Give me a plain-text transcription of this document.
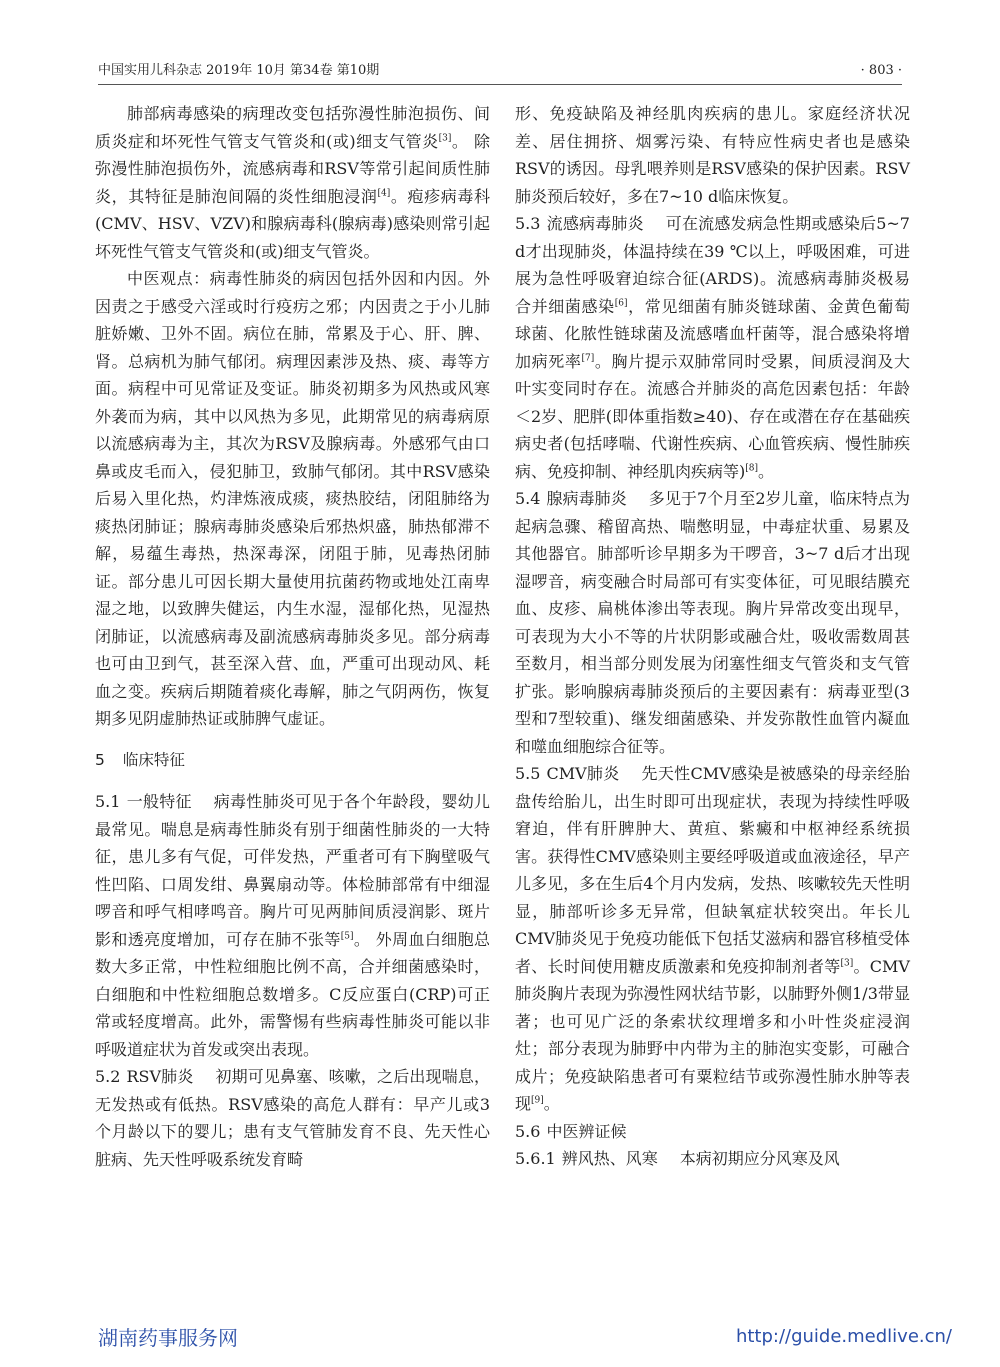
中国实用儿科杂志 2019年 10月 第34卷 第10期	· 803 ·

肺部病毒感染的病理改变包括弥漫性肺泡损伤、间质炎症和坏死性气管支气管炎和(或)细支气管炎[3]。 除弥漫性肺泡损伤外，流感病毒和RSV等常引起间质性肺炎，其特征是肺泡间隔的炎性细胞浸润[4]。疱疹病毒科(CMV、HSV、VZV)和腺病毒科(腺病毒)感染则常引起坏死性气管支气管炎和(或)细支气管炎。

中医观点：病毒性肺炎的病因包括外因和内因。外因责之于感受六淫或时行疫疠之邪；内因责之于小儿肺脏娇嫩、卫外不固。病位在肺，常累及于心、肝、脾、肾。总病机为肺气郁闭。病理因素涉及热、痰、毒等方面。病程中可见常证及变证。肺炎初期多为风热或风寒外袭而为病，其中以风热为多见，此期常见的病毒病原以流感病毒为主，其次为RSV及腺病毒。外感邪气由口鼻或皮毛而入，侵犯肺卫，致肺气郁闭。其中RSV感染后易入里化热，灼津炼液成痰，痰热胶结，闭阻肺络为痰热闭肺证；腺病毒肺炎感染后邪热炽盛，肺热郁滞不解，易蕴生毒热，热深毒深，闭阻于肺，见毒热闭肺证。部分患儿可因长期大量使用抗菌药物或地处江南卑湿之地，以致脾失健运，内生水湿，湿郁化热，见湿热闭肺证，以流感病毒及副流感病毒肺炎多见。部分病毒也可由卫到气，甚至深入营、血，严重可出现动风、耗血之变。疾病后期随着痰化毒解，肺之气阴两伤，恢复期多见阴虚肺热证或肺脾气虚证。

5 临床特征

5.1 一般特征 病毒性肺炎可见于各个年龄段，婴幼儿最常见。喘息是病毒性肺炎有别于细菌性肺炎的一大特征，患儿多有气促，可伴发热，严重者可有下胸壁吸气性凹陷、口周发绀、鼻翼扇动等。体检肺部常有中细湿啰音和呼气相哮鸣音。胸片可见两肺间质浸润影、斑片影和透亮度增加，可存在肺不张等[5]。 外周血白细胞总数大多正常，中性粒细胞比例不高，合并细菌感染时，白细胞和中性粒细胞总数增多。C反应蛋白(CRP)可正常或轻度增高。此外，需警惕有些病毒性肺炎可能以非呼吸道症状为首发或突出表现。

5.2 RSV肺炎 初期可见鼻塞、咳嗽，之后出现喘息，无发热或有低热。RSV感染的高危人群有：早产儿或3个月龄以下的婴儿；患有支气管肺发育不良、先天性心脏病、先天性呼吸系统发育畸

形、免疫缺陷及神经肌肉疾病的患儿。家庭经济状况差、居住拥挤、烟雾污染、有特应性病史者也是感染RSV的诱因。母乳喂养则是RSV感染的保护因素。RSV肺炎预后较好，多在7~10 d临床恢复。

5.3 流感病毒肺炎 可在流感发病急性期或感染后5~7 d才出现肺炎，体温持续在39 ℃以上，呼吸困难，可进展为急性呼吸窘迫综合征(ARDS)。流感病毒肺炎极易合并细菌感染[6]，常见细菌有肺炎链球菌、金黄色葡萄球菌、化脓性链球菌及流感嗜血杆菌等，混合感染将增加病死率[7]。胸片提示双肺常同时受累，间质浸润及大叶实变同时存在。流感合并肺炎的高危因素包括：年龄＜2岁、肥胖(即体重指数≥40)、存在或潜在存在基础疾病史者(包括哮喘、代谢性疾病、心血管疾病、慢性肺疾病、免疫抑制、神经肌肉疾病等)[8]。

5.4 腺病毒肺炎 多见于7个月至2岁儿童，临床特点为起病急骤、稽留高热、喘憋明显，中毒症状重、易累及其他器官。肺部听诊早期多为干啰音，3~7 d后才出现湿啰音，病变融合时局部可有实变体征，可见眼结膜充血、皮疹、扁桃体渗出等表现。胸片异常改变出现早，可表现为大小不等的片状阴影或融合灶，吸收需数周甚至数月，相当部分则发展为闭塞性细支气管炎和支气管扩张。影响腺病毒肺炎预后的主要因素有：病毒亚型(3型和7型较重)、继发细菌感染、并发弥散性血管内凝血和噬血细胞综合征等。

5.5 CMV肺炎 先天性CMV感染是被感染的母亲经胎盘传给胎儿，出生时即可出现症状，表现为持续性呼吸窘迫，伴有肝脾肿大、黄疸、紫癜和中枢神经系统损害。获得性CMV感染则主要经呼吸道或血液途径，早产儿多见，多在生后4个月内发病，发热、咳嗽较先天性明显，肺部听诊多无异常，但缺氧症状较突出。年长儿CMV肺炎见于免疫功能低下包括艾滋病和器官移植受体者、长时间使用糖皮质激素和免疫抑制剂者等[3]。CMV肺炎胸片表现为弥漫性网状结节影，以肺野外侧1/3带显著；也可见广泛的条索状纹理增多和小叶性炎症浸润灶；部分表现为肺野中内带为主的肺泡实变影，可融合成片；免疫缺陷患者可有粟粒结节或弥漫性肺水肿等表现[9]。

5.6 中医辨证候

5.6.1 辨风热、风寒 本病初期应分风寒及风

湖南药事服务网	http://guide.medlive.cn/
